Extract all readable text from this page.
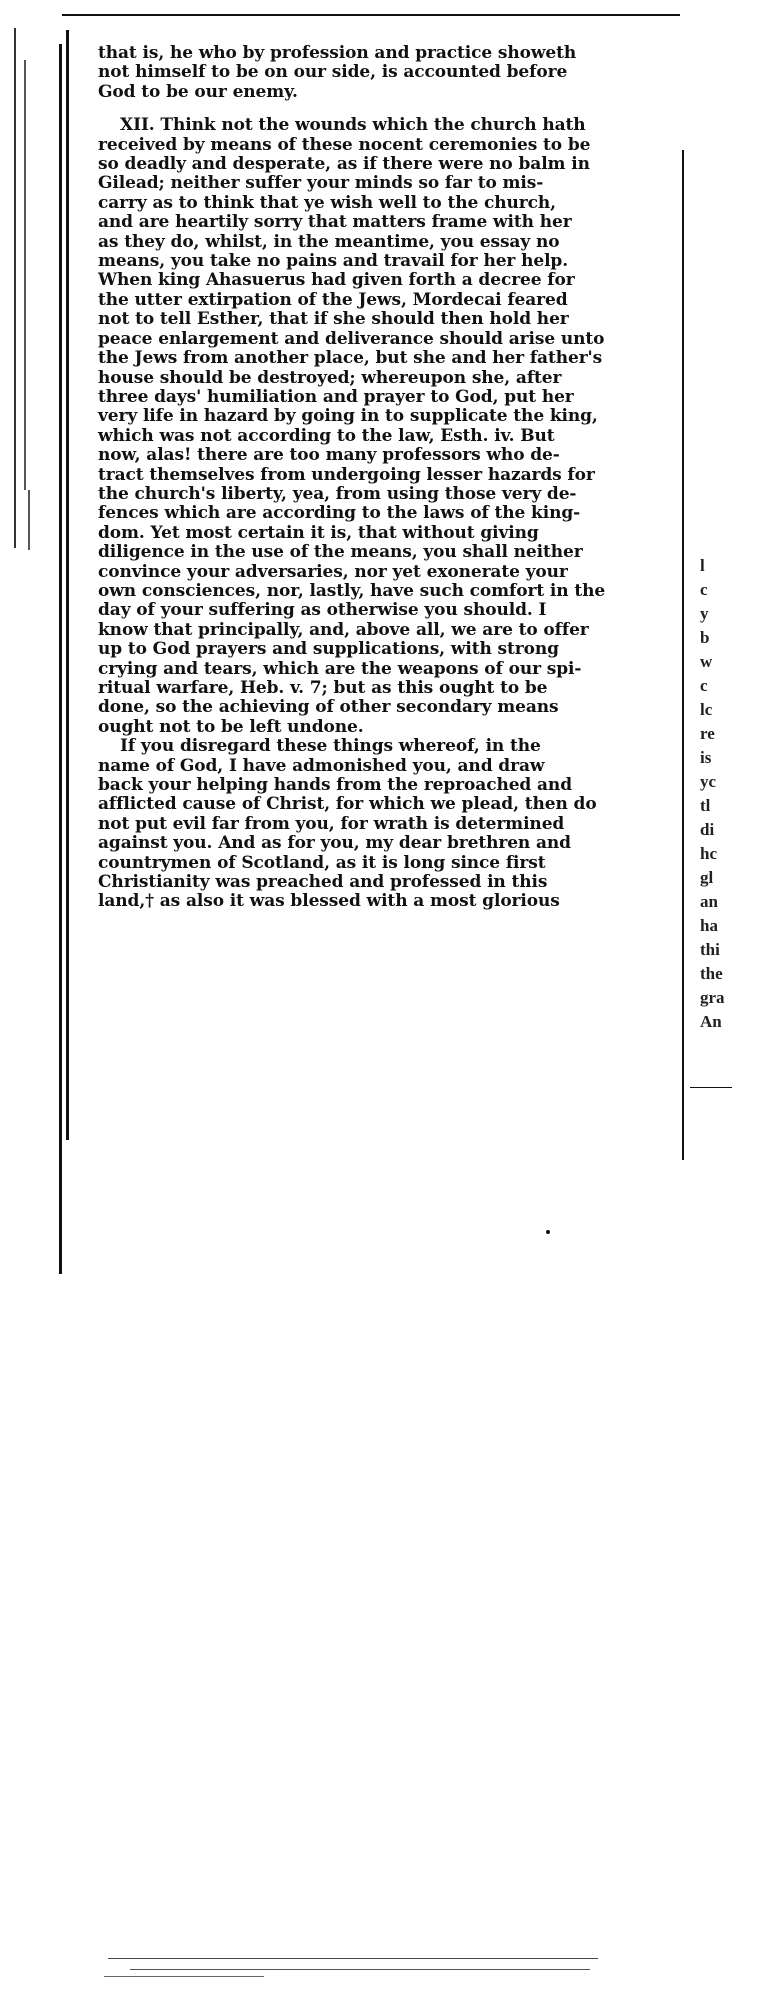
that is, he who by profession and practice showeth
not himself to be on our side, is accounted before
God to be our enemy.

XII. Think not the wounds which the church hath
received by means of these nocent ceremonies to be
so deadly and desperate, as if there were no balm in
Gilead; neither suffer your minds so far to mis-
carry as to think that ye wish well to the church,
and are heartily sorry that matters frame with her
as they do, whilst, in the meantime, you essay no
means, you take no pains and travail for her help.
When king Ahasuerus had given forth a decree for
the utter extirpation of the Jews, Mordecai feared
not to tell Esther, that if she should then hold her
peace enlargement and deliverance should arise unto
the Jews from another place, but she and her father's
house should be destroyed; whereupon she, after
three days' humiliation and prayer to God, put her
very life in hazard by going in to supplicate the king,
which was not according to the law, Esth. iv. But
now, alas! there are too many professors who de-
tract themselves from undergoing lesser hazards for
the church's liberty, yea, from using those very de-
fences which are according to the laws of the king-
dom. Yet most certain it is, that without giving
diligence in the use of the means, you shall neither
convince your adversaries, nor yet exonerate your
own consciences, nor, lastly, have such comfort in the
day of your suffering as otherwise you should. I
know that principally, and, above all, we are to offer
up to God prayers and supplications, with strong
crying and tears, which are the weapons of our spi-
ritual warfare, Heb. v. 7; but as this ought to be
done, so the achieving of other secondary means
ought not to be left undone.

If you disregard these things whereof, in the
name of God, I have admonished you, and draw
back your helping hands from the reproached and
afflicted cause of Christ, for which we plead, then do
not put evil far from you, for wrath is determined
against you. And as for you, my dear brethren and
countrymen of Scotland, as it is long since first
Christianity was preached and professed in this
land,† as also it was blessed with a most glorious

l
c
y
b
w
c
lc
re
is
yc
tl
di
hc
gl
an
ha
thi
the
gra
An
